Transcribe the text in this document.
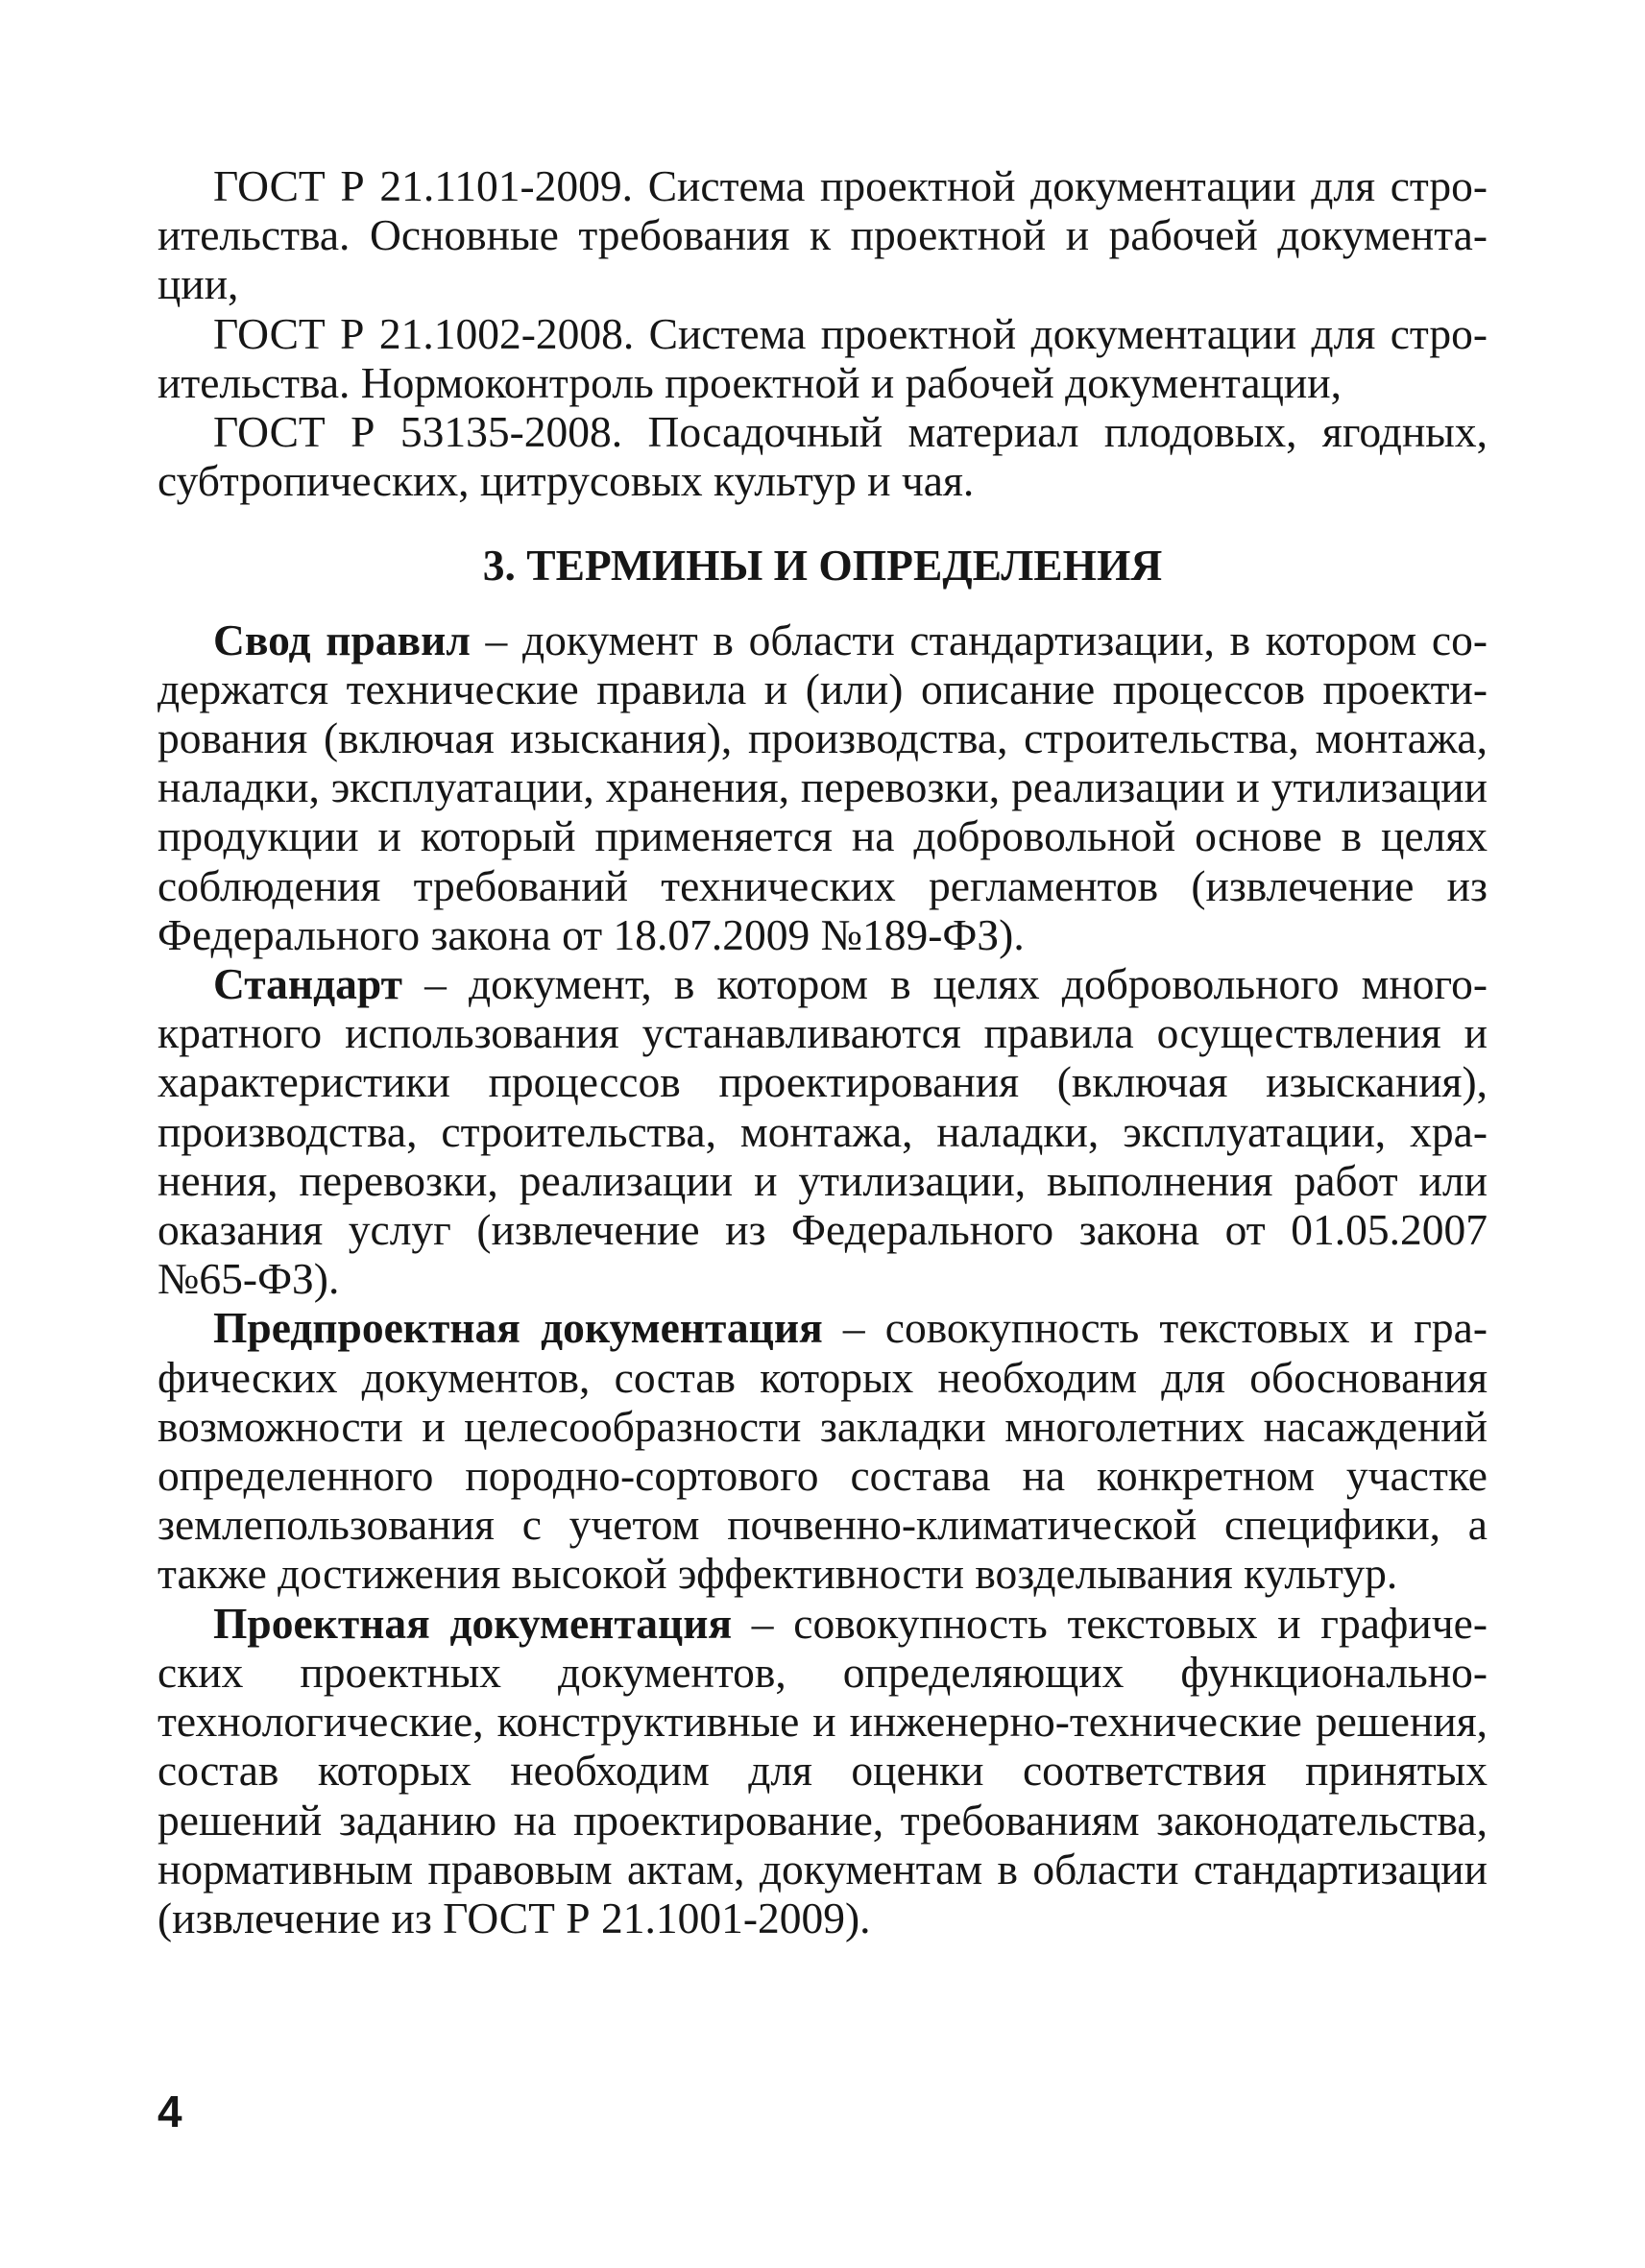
ГОСТ Р 21.1101-2009. Система проектной документации для строительства. Основные требования к проектной и рабочей документации,

ГОСТ Р 21.1002-2008. Система проектной документации для строительства. Нормоконтроль проектной и рабочей документации,

ГОСТ Р 53135-2008. Посадочный материал плодовых, ягодных, субтропических, цитрусовых культур и чая.

3. ТЕРМИНЫ И ОПРЕДЕЛЕНИЯ

Свод правил – документ в области стандартизации, в котором содержатся технические правила и (или) описание процессов проектирования (включая изыскания), производства, строительства, монтажа, наладки, эксплуатации, хранения, перевозки, реализации и утилизации продукции и который применяется на добровольной основе в целях соблюдения требований технических регламентов (извлечение из Федерального закона от 18.07.2009 №189-ФЗ).

Стандарт – документ, в котором в целях добровольного многократного использования устанавливаются правила осуществления и характеристики процессов проектирования (включая изыскания), производства, строительства, монтажа, наладки, эксплуатации, хранения, перевозки, реализации и утилизации, выполнения работ или оказания услуг (извлечение из Федерального закона от 01.05.2007 №65-ФЗ).

Предпроектная документация – совокупность текстовых и графических документов, состав которых необходим для обоснования возможности и целесообразности закладки многолетних насаждений определенного породно-сортового состава на конкретном участке землепользования с учетом почвенно-климатической специфики, а также достижения высокой эффективности возделывания культур.

Проектная документация – совокупность текстовых и графических проектных документов, определяющих функционально-технологические, конструктивные и инженерно-технические решения, состав которых необходим для оценки соответствия принятых решений заданию на проектирование, требованиям законодательства, нормативным правовым актам, документам в области стандартизации (извлечение из ГОСТ Р 21.1001-2009).

4
